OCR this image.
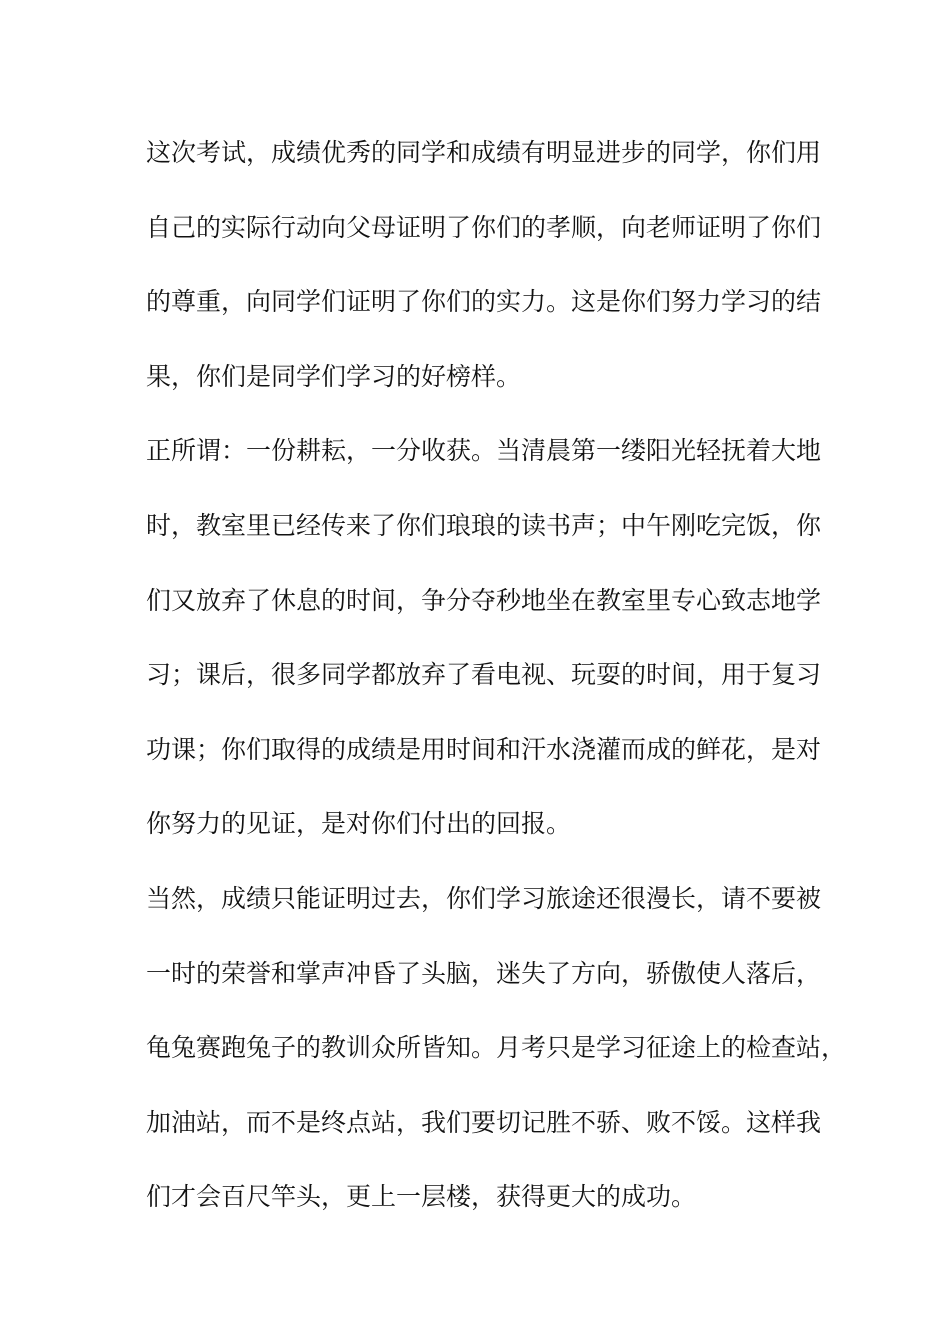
这次考试，成绩优秀的同学和成绩有明显进步的同学，你们用
自己的实际行动向父母证明了你们的孝顺，向老师证明了你们
的尊重，向同学们证明了你们的实力。这是你们努力学习的结
果，你们是同学们学习的好榜样。
正所谓：一份耕耘，一分收获。当清晨第一缕阳光轻抚着大地
时，教室里已经传来了你们琅琅的读书声；中午刚吃完饭，你
们又放弃了休息的时间，争分夺秒地坐在教室里专心致志地学
习；课后，很多同学都放弃了看电视、玩耍的时间，用于复习
功课；你们取得的成绩是用时间和汗水浇灌而成的鲜花，是对
你努力的见证，是对你们付出的回报。
当然，成绩只能证明过去，你们学习旅途还很漫长，请不要被
一时的荣誉和掌声冲昏了头脑，迷失了方向，骄傲使人落后，
龟兔赛跑兔子的教训众所皆知。月考只是学习征途上的检查站，
加油站，而不是终点站，我们要切记胜不骄、败不馁。这样我
们才会百尺竿头，更上一层楼，获得更大的成功。
